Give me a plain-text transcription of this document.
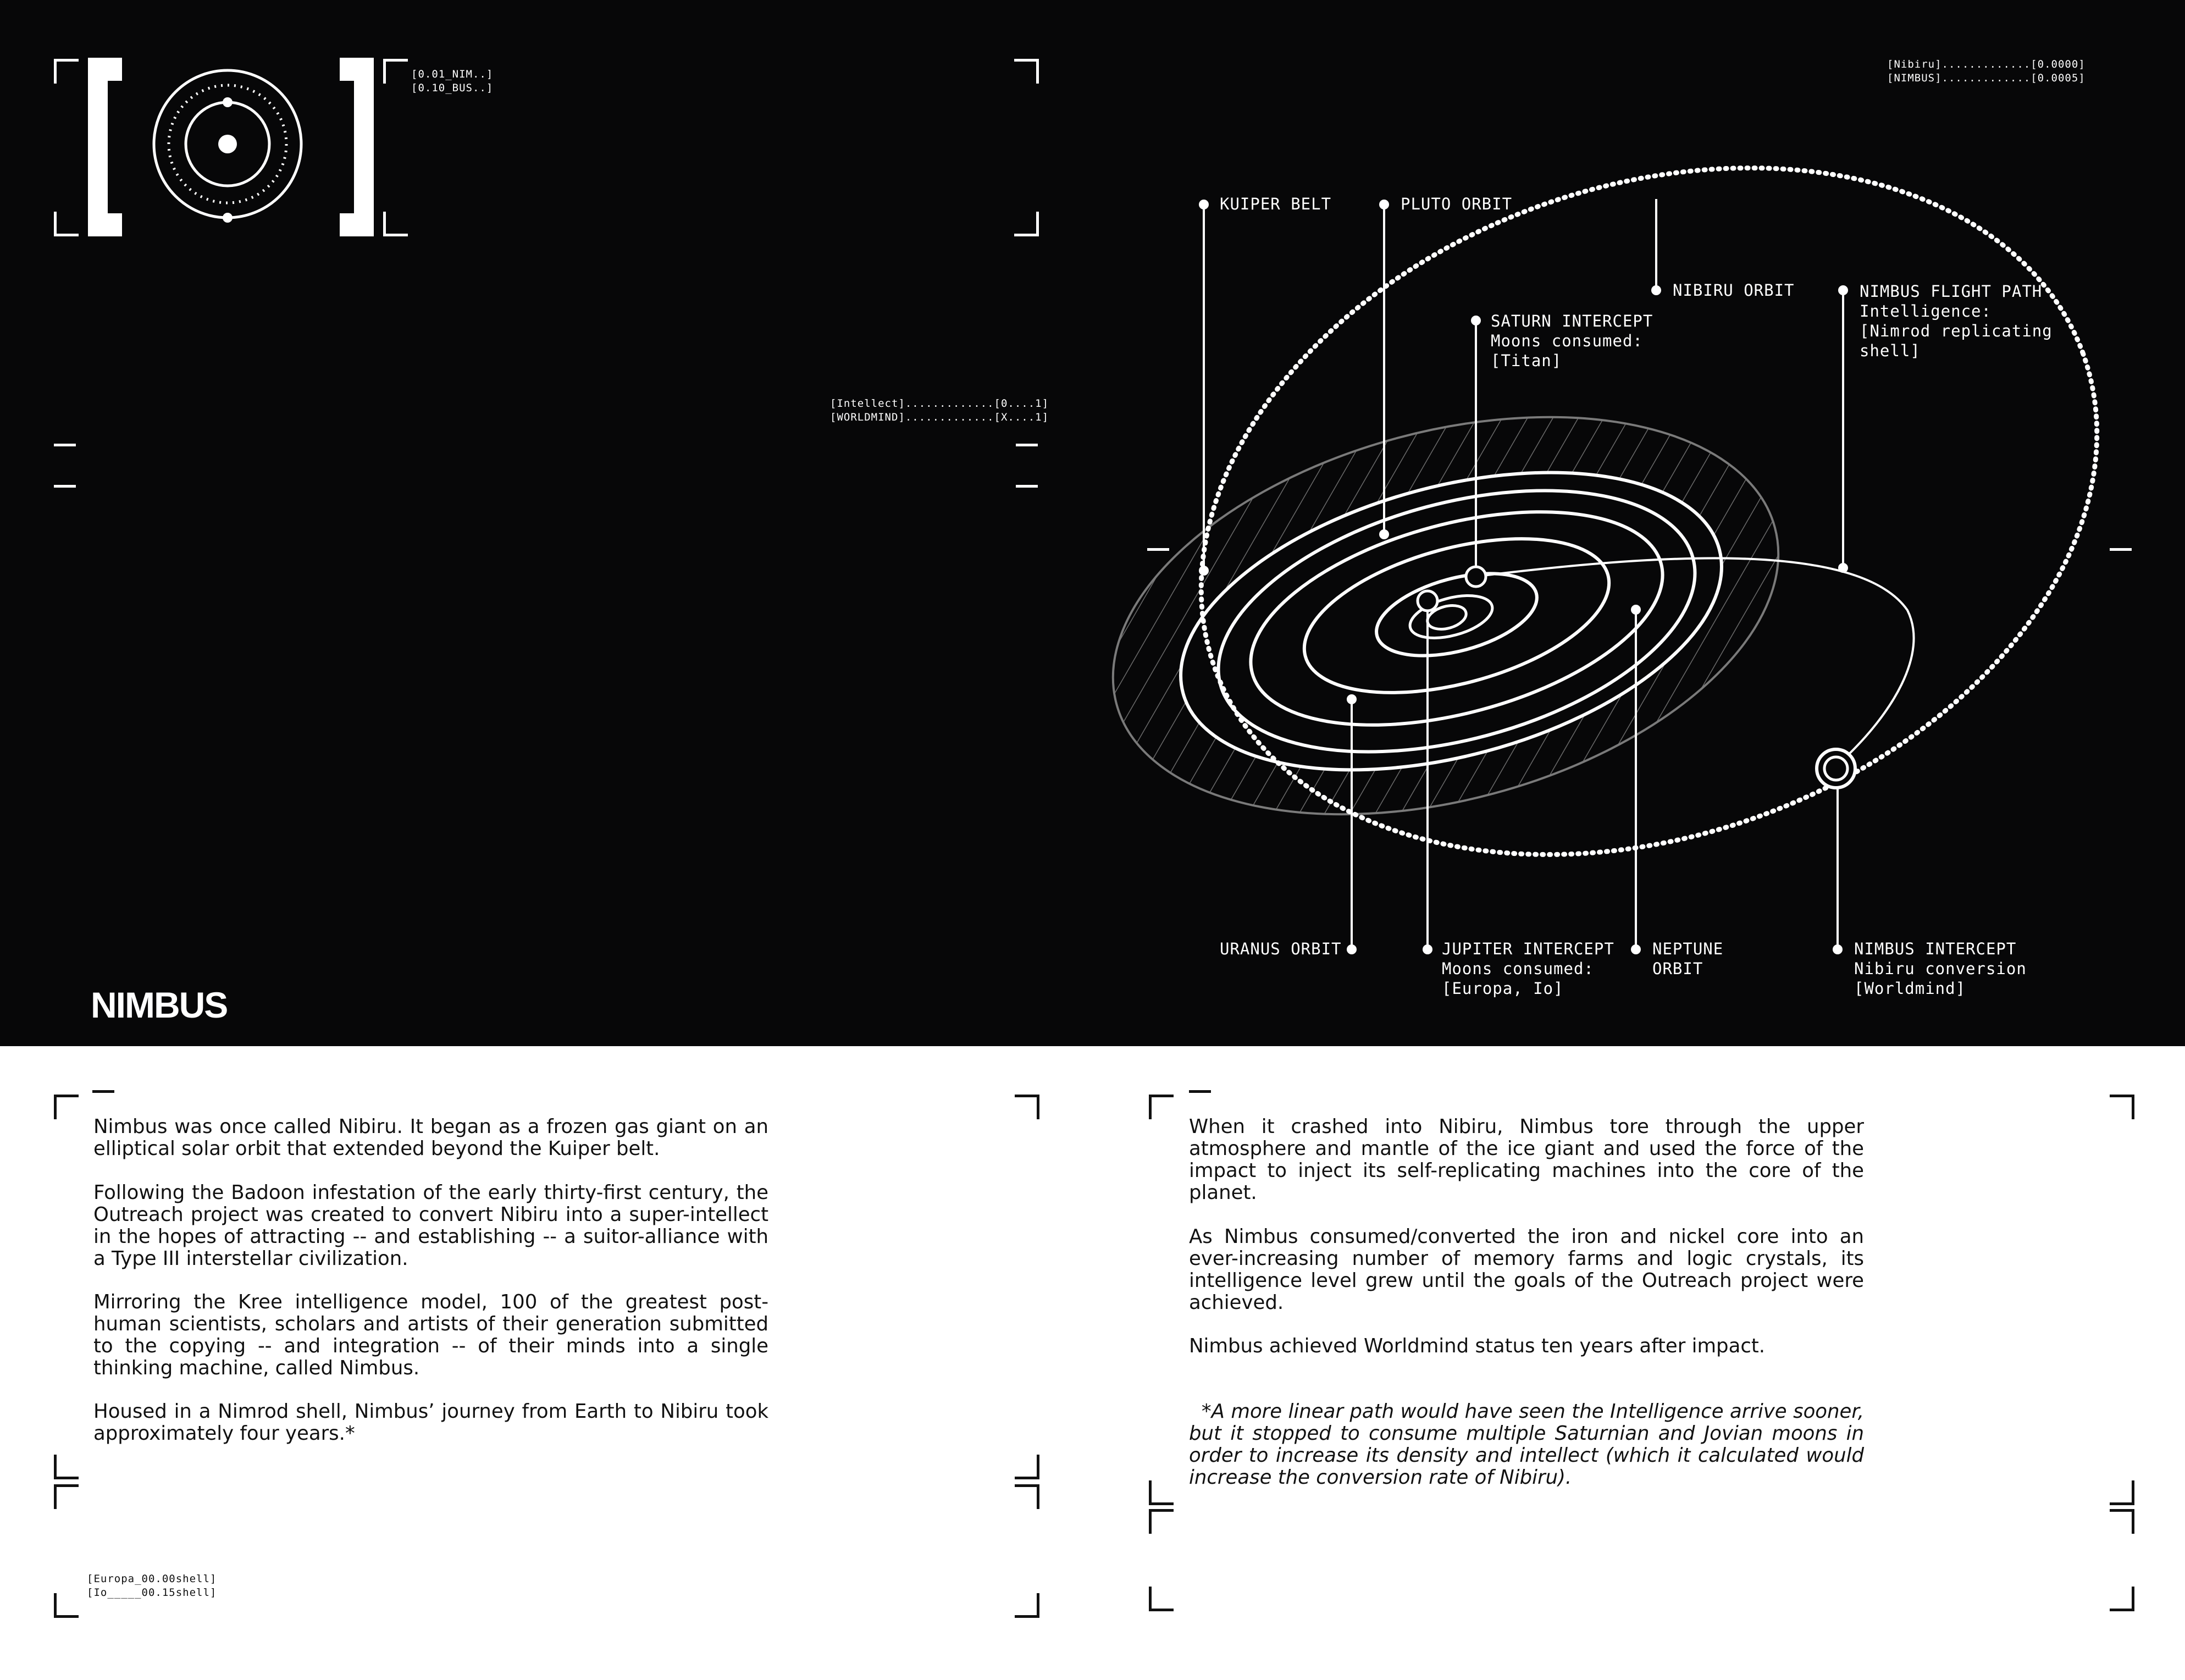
[0.01_NIM..]
[0.10_BUS..]
[Intellect].............[0....1]
[WORLDMIND].............[X....1]
[Nibiru].............[0.0000]
[NIMBUS].............[0.0005]
NIMBUS
KUIPER BELT	PLUTO ORBIT
NIBIRU ORBIT
SATURN INTERCEPT
Moons consumed:
[Titan]
NIMBUS FLIGHT PATH
Intelligence:
[Nimrod replicating
shell]
URANUS ORBIT	JUPITER INTERCEPT
Moons consumed:
[Europa, Io]
NEPTUNE
ORBIT
NIMBUS INTERCEPT
Nibiru conversion
[Worldmind]

Nimbus was once called Nibiru. It began as a frozen gas giant on an elliptical solar orbit that extended beyond the Kuiper belt.

Following the Badoon infestation of the early thirty-first century, the Outreach project was created to convert Nibiru into a super-intellect in the hopes of attracting -- and establishing -- a suitor-alliance with a Type III interstellar civilization.

Mirroring the Kree intelligence model, 100 of the greatest post-human scientists, scholars and artists of their generation submitted to the copying -- and integration -- of their minds into a single thinking machine, called Nimbus.

Housed in a Nimrod shell, Nimbus’ journey from Earth to Nibiru took approximately four years.*

[Europa_00.00shell]
[Io_____00.15shell]

When it crashed into Nibiru, Nimbus tore through the upper atmosphere and mantle of the ice giant and used the force of the impact to inject its self-replicating machines into the core of the planet.

As Nimbus consumed/converted the iron and nickel core into an ever-increasing number of memory farms and logic crystals, its intelligence level grew until the goals of the Outreach project were achieved.

Nimbus achieved Worldmind status ten years after impact.

*A more linear path would have seen the Intelligence arrive sooner, but it stopped to consume multiple Saturnian and Jovian moons in order to increase its density and intellect (which it calculated would increase the conversion rate of Nibiru).
